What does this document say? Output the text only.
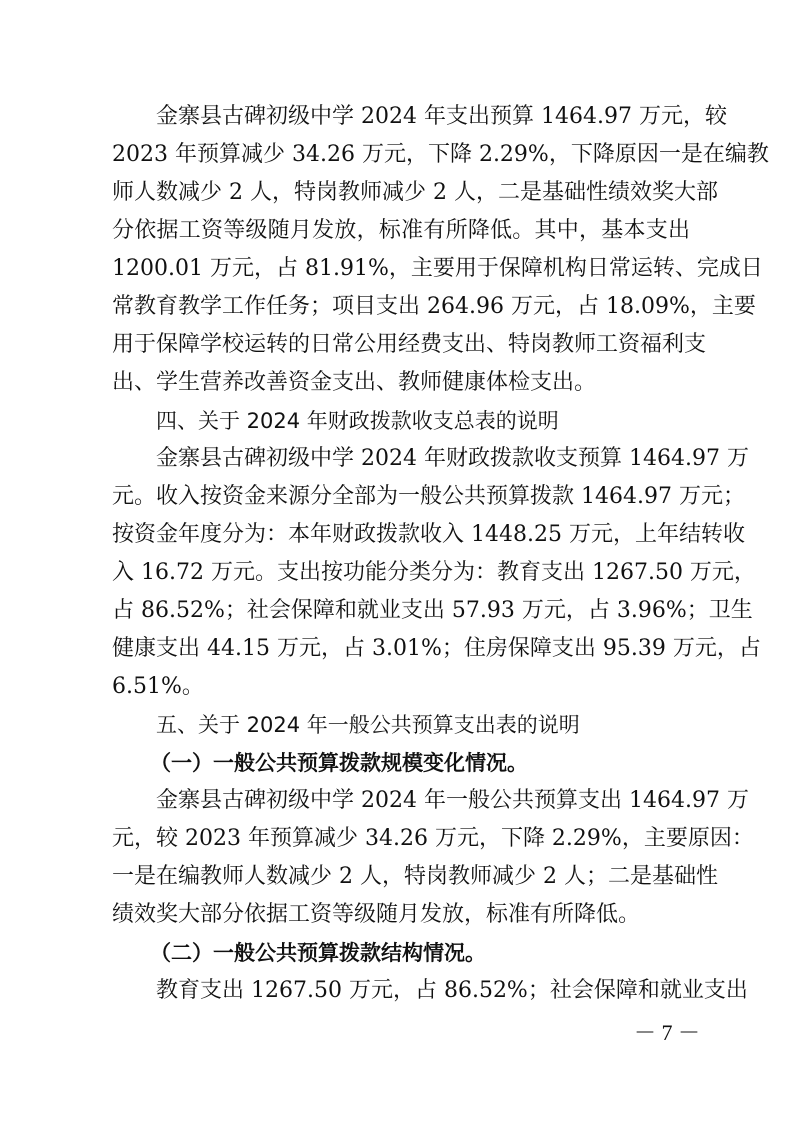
金寨县古碑初级中学 2024 年支出预算 1464.97 万元，较
2023 年预算减少 34.26 万元，下降 2.29%，下降原因一是在编教
师人数减少 2 人，特岗教师减少 2 人，二是基础性绩效奖大部
分依据工资等级随月发放，标准有所降低。其中，基本支出
1200.01 万元，占 81.91%，主要用于保障机构日常运转、完成日
常教育教学工作任务；项目支出 264.96 万元，占 18.09%，主要
用于保障学校运转的日常公用经费支出、特岗教师工资福利支
出、学生营养改善资金支出、教师健康体检支出。
四、关于 2024 年财政拨款收支总表的说明
金寨县古碑初级中学 2024 年财政拨款收支预算 1464.97 万
元。收入按资金来源分全部为一般公共预算拨款 1464.97 万元；
按资金年度分为：本年财政拨款收入 1448.25 万元，上年结转收
入 16.72 万元。支出按功能分类分为：教育支出 1267.50 万元，
占 86.52%；社会保障和就业支出 57.93 万元，占 3.96%；卫生
健康支出 44.15 万元，占 3.01%；住房保障支出 95.39 万元，占
6.51%。
五、关于 2024 年一般公共预算支出表的说明
（一）一般公共预算拨款规模变化情况。
金寨县古碑初级中学 2024 年一般公共预算支出 1464.97 万
元，较 2023 年预算减少 34.26 万元，下降 2.29%，主要原因：
一是在编教师人数减少 2 人，特岗教师减少 2 人；二是基础性
绩效奖大部分依据工资等级随月发放，标准有所降低。
（二）一般公共预算拨款结构情况。
教育支出 1267.50 万元，占 86.52%；社会保障和就业支出
－ 7 －
